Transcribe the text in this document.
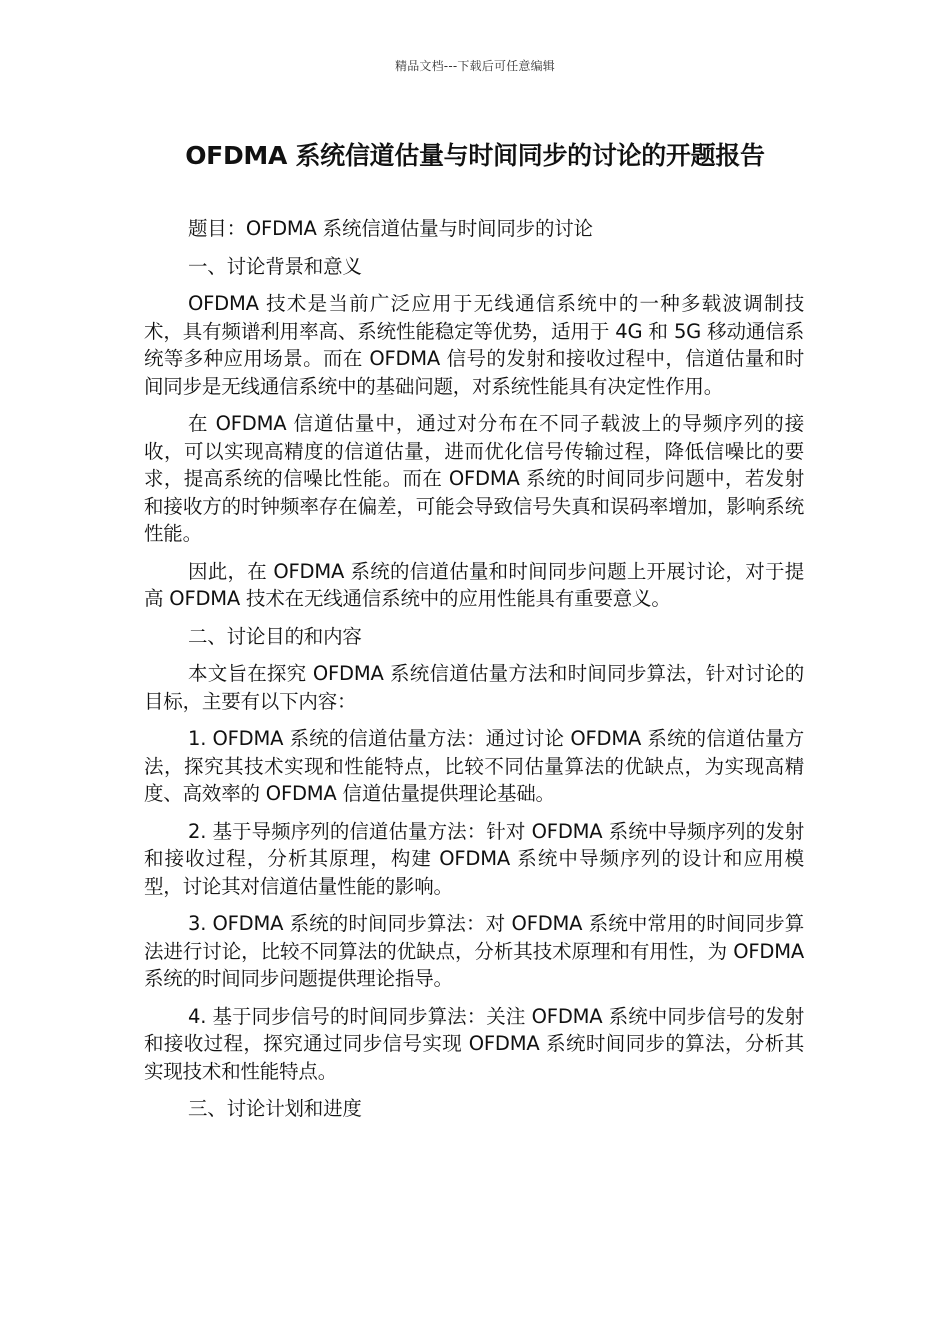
精品文档---下载后可任意编辑
OFDMA 系统信道估量与时间同步的讨论的开题报告

题目：OFDMA 系统信道估量与时间同步的讨论

一、讨论背景和意义

OFDMA 技术是当前广泛应用于无线通信系统中的一种多载波调制技术，具有频谱利用率高、系统性能稳定等优势，适用于 4G 和 5G 移动通信系统等多种应用场景。而在 OFDMA 信号的发射和接收过程中，信道估量和时间同步是无线通信系统中的基础问题，对系统性能具有决定性作用。

在 OFDMA 信道估量中，通过对分布在不同子载波上的导频序列的接收，可以实现高精度的信道估量，进而优化信号传输过程，降低信噪比的要求，提高系统的信噪比性能。而在 OFDMA 系统的时间同步问题中，若发射和接收方的时钟频率存在偏差，可能会导致信号失真和误码率增加，影响系统性能。

因此，在 OFDMA 系统的信道估量和时间同步问题上开展讨论，对于提高 OFDMA 技术在无线通信系统中的应用性能具有重要意义。

二、讨论目的和内容

本文旨在探究 OFDMA 系统信道估量方法和时间同步算法，针对讨论的目标，主要有以下内容：

1. OFDMA 系统的信道估量方法：通过讨论 OFDMA 系统的信道估量方法，探究其技术实现和性能特点，比较不同估量算法的优缺点，为实现高精度、高效率的 OFDMA 信道估量提供理论基础。

2. 基于导频序列的信道估量方法：针对 OFDMA 系统中导频序列的发射和接收过程，分析其原理，构建 OFDMA 系统中导频序列的设计和应用模型，讨论其对信道估量性能的影响。

3. OFDMA 系统的时间同步算法：对 OFDMA 系统中常用的时间同步算法进行讨论，比较不同算法的优缺点，分析其技术原理和有用性，为 OFDMA 系统的时间同步问题提供理论指导。

4. 基于同步信号的时间同步算法：关注 OFDMA 系统中同步信号的发射和接收过程，探究通过同步信号实现 OFDMA 系统时间同步的算法，分析其实现技术和性能特点。

三、讨论计划和进度
